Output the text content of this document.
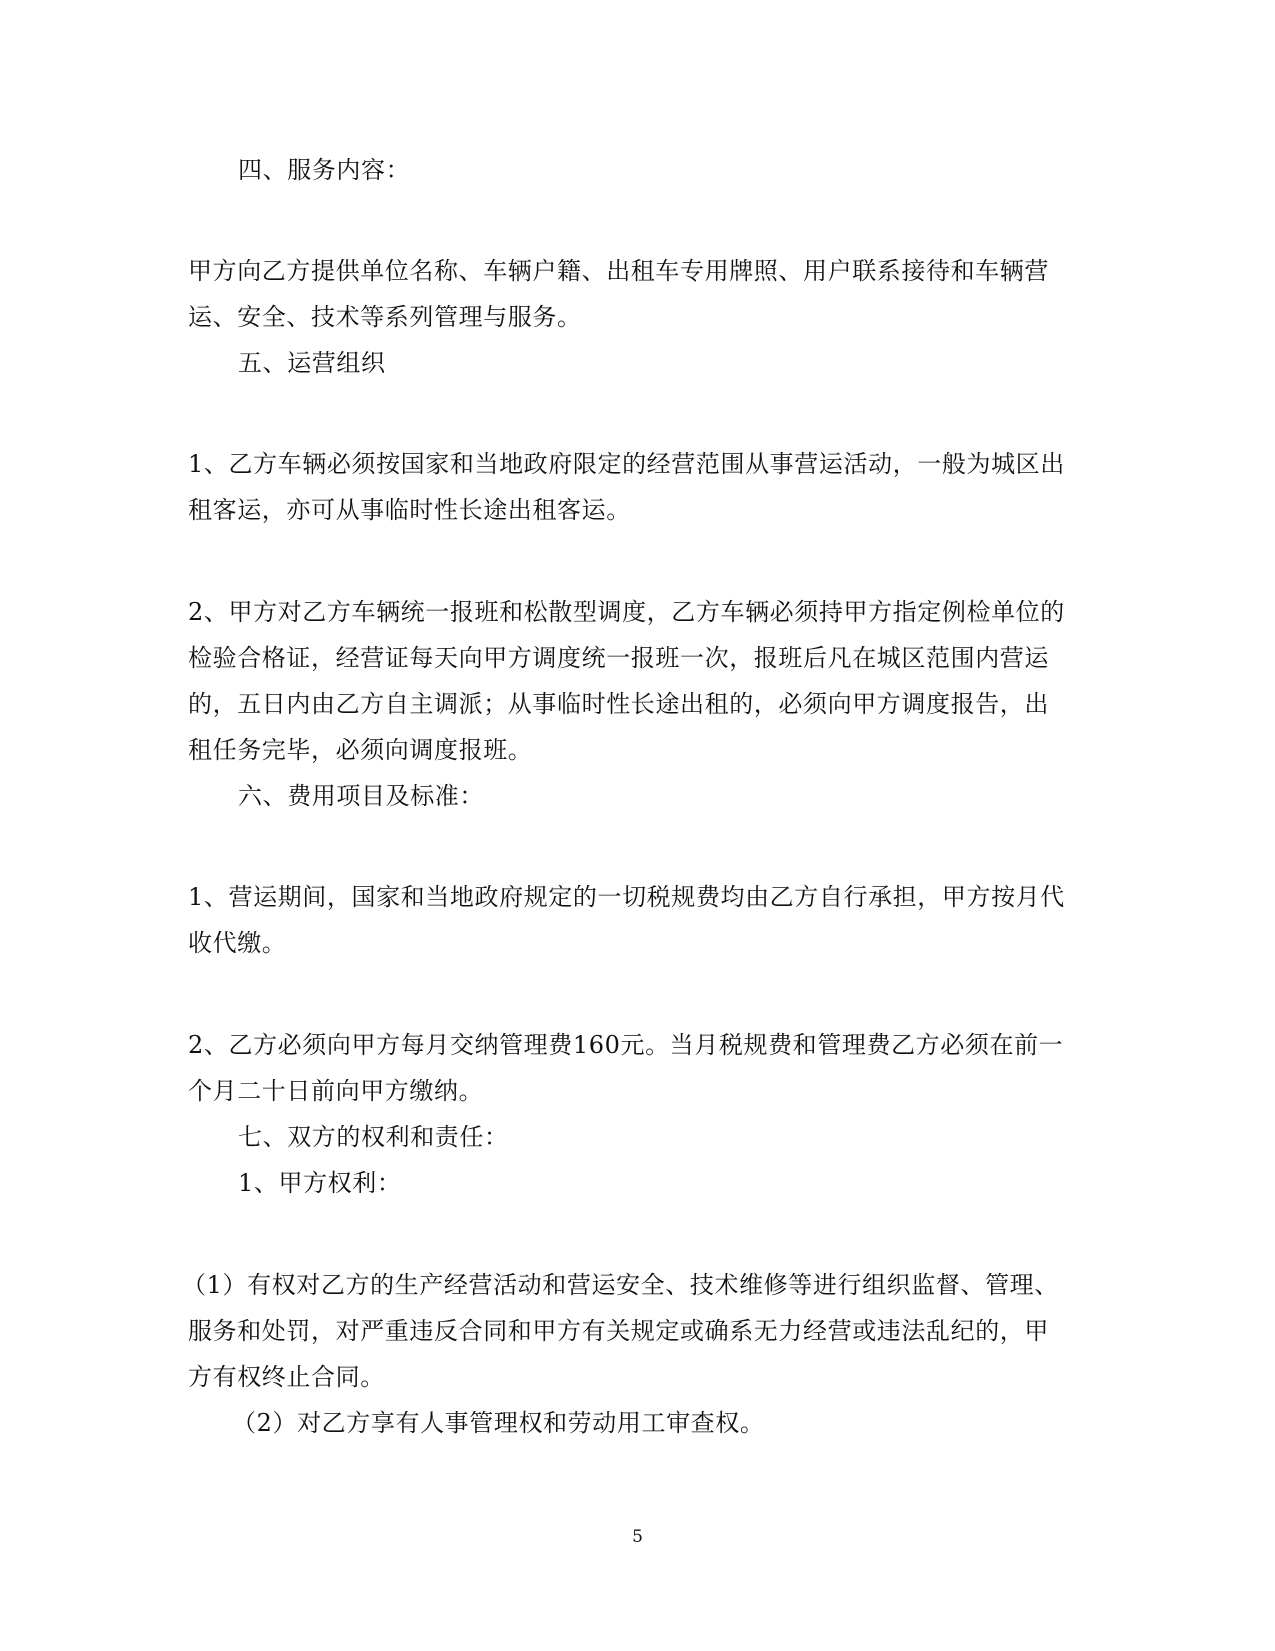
四、服务内容：
甲方向乙方提供单位名称、车辆户籍、出租车专用牌照、用户联系接待和车辆营
运、安全、技术等系列管理与服务。
五、运营组织
1、乙方车辆必须按国家和当地政府限定的经营范围从事营运活动，一般为城区出
租客运，亦可从事临时性长途出租客运。
2、甲方对乙方车辆统一报班和松散型调度，乙方车辆必须持甲方指定例检单位的
检验合格证，经营证每天向甲方调度统一报班一次，报班后凡在城区范围内营运
的，五日内由乙方自主调派；从事临时性长途出租的，必须向甲方调度报告，出
租任务完毕，必须向调度报班。
六、费用项目及标准：
1、营运期间，国家和当地政府规定的一切税规费均由乙方自行承担，甲方按月代
收代缴。
2、乙方必须向甲方每月交纳管理费160元。当月税规费和管理费乙方必须在前一
个月二十日前向甲方缴纳。
七、双方的权利和责任：
1、甲方权利：
（1）有权对乙方的生产经营活动和营运安全、技术维修等进行组织监督、管理、
服务和处罚，对严重违反合同和甲方有关规定或确系无力经营或违法乱纪的，甲
方有权终止合同。
（2）对乙方享有人事管理权和劳动用工审查权。
5
